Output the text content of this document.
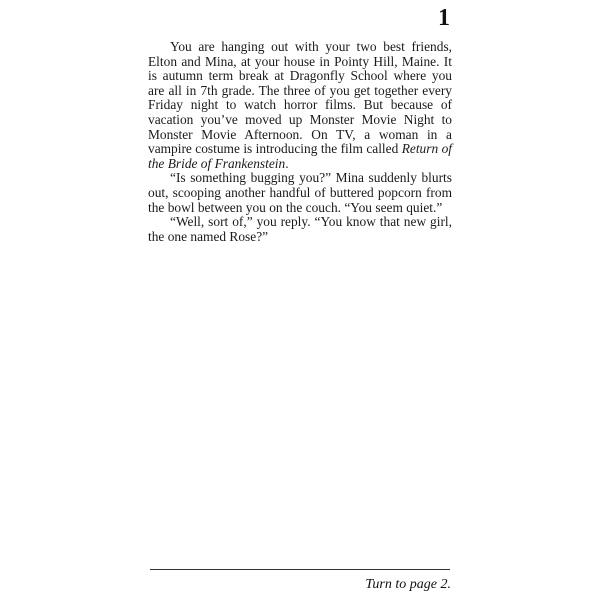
1

You are hanging out with your two best friends, Elton and Mina, at your house in Pointy Hill, Maine. It is autumn term break at Dragonfly School where you are all in 7th grade. The three of you get together every Friday night to watch horror films. But because of vacation you’ve moved up Monster Movie Night to Monster Movie Afternoon. On TV, a woman in a vampire costume is introducing the film called Return of the Bride of Frankenstein.

“Is something bugging you?” Mina suddenly blurts out, scooping another handful of buttered popcorn from the bowl between you on the couch. “You seem quiet.”

“Well, sort of,” you reply. “You know that new girl, the one named Rose?”

Turn to page 2.
